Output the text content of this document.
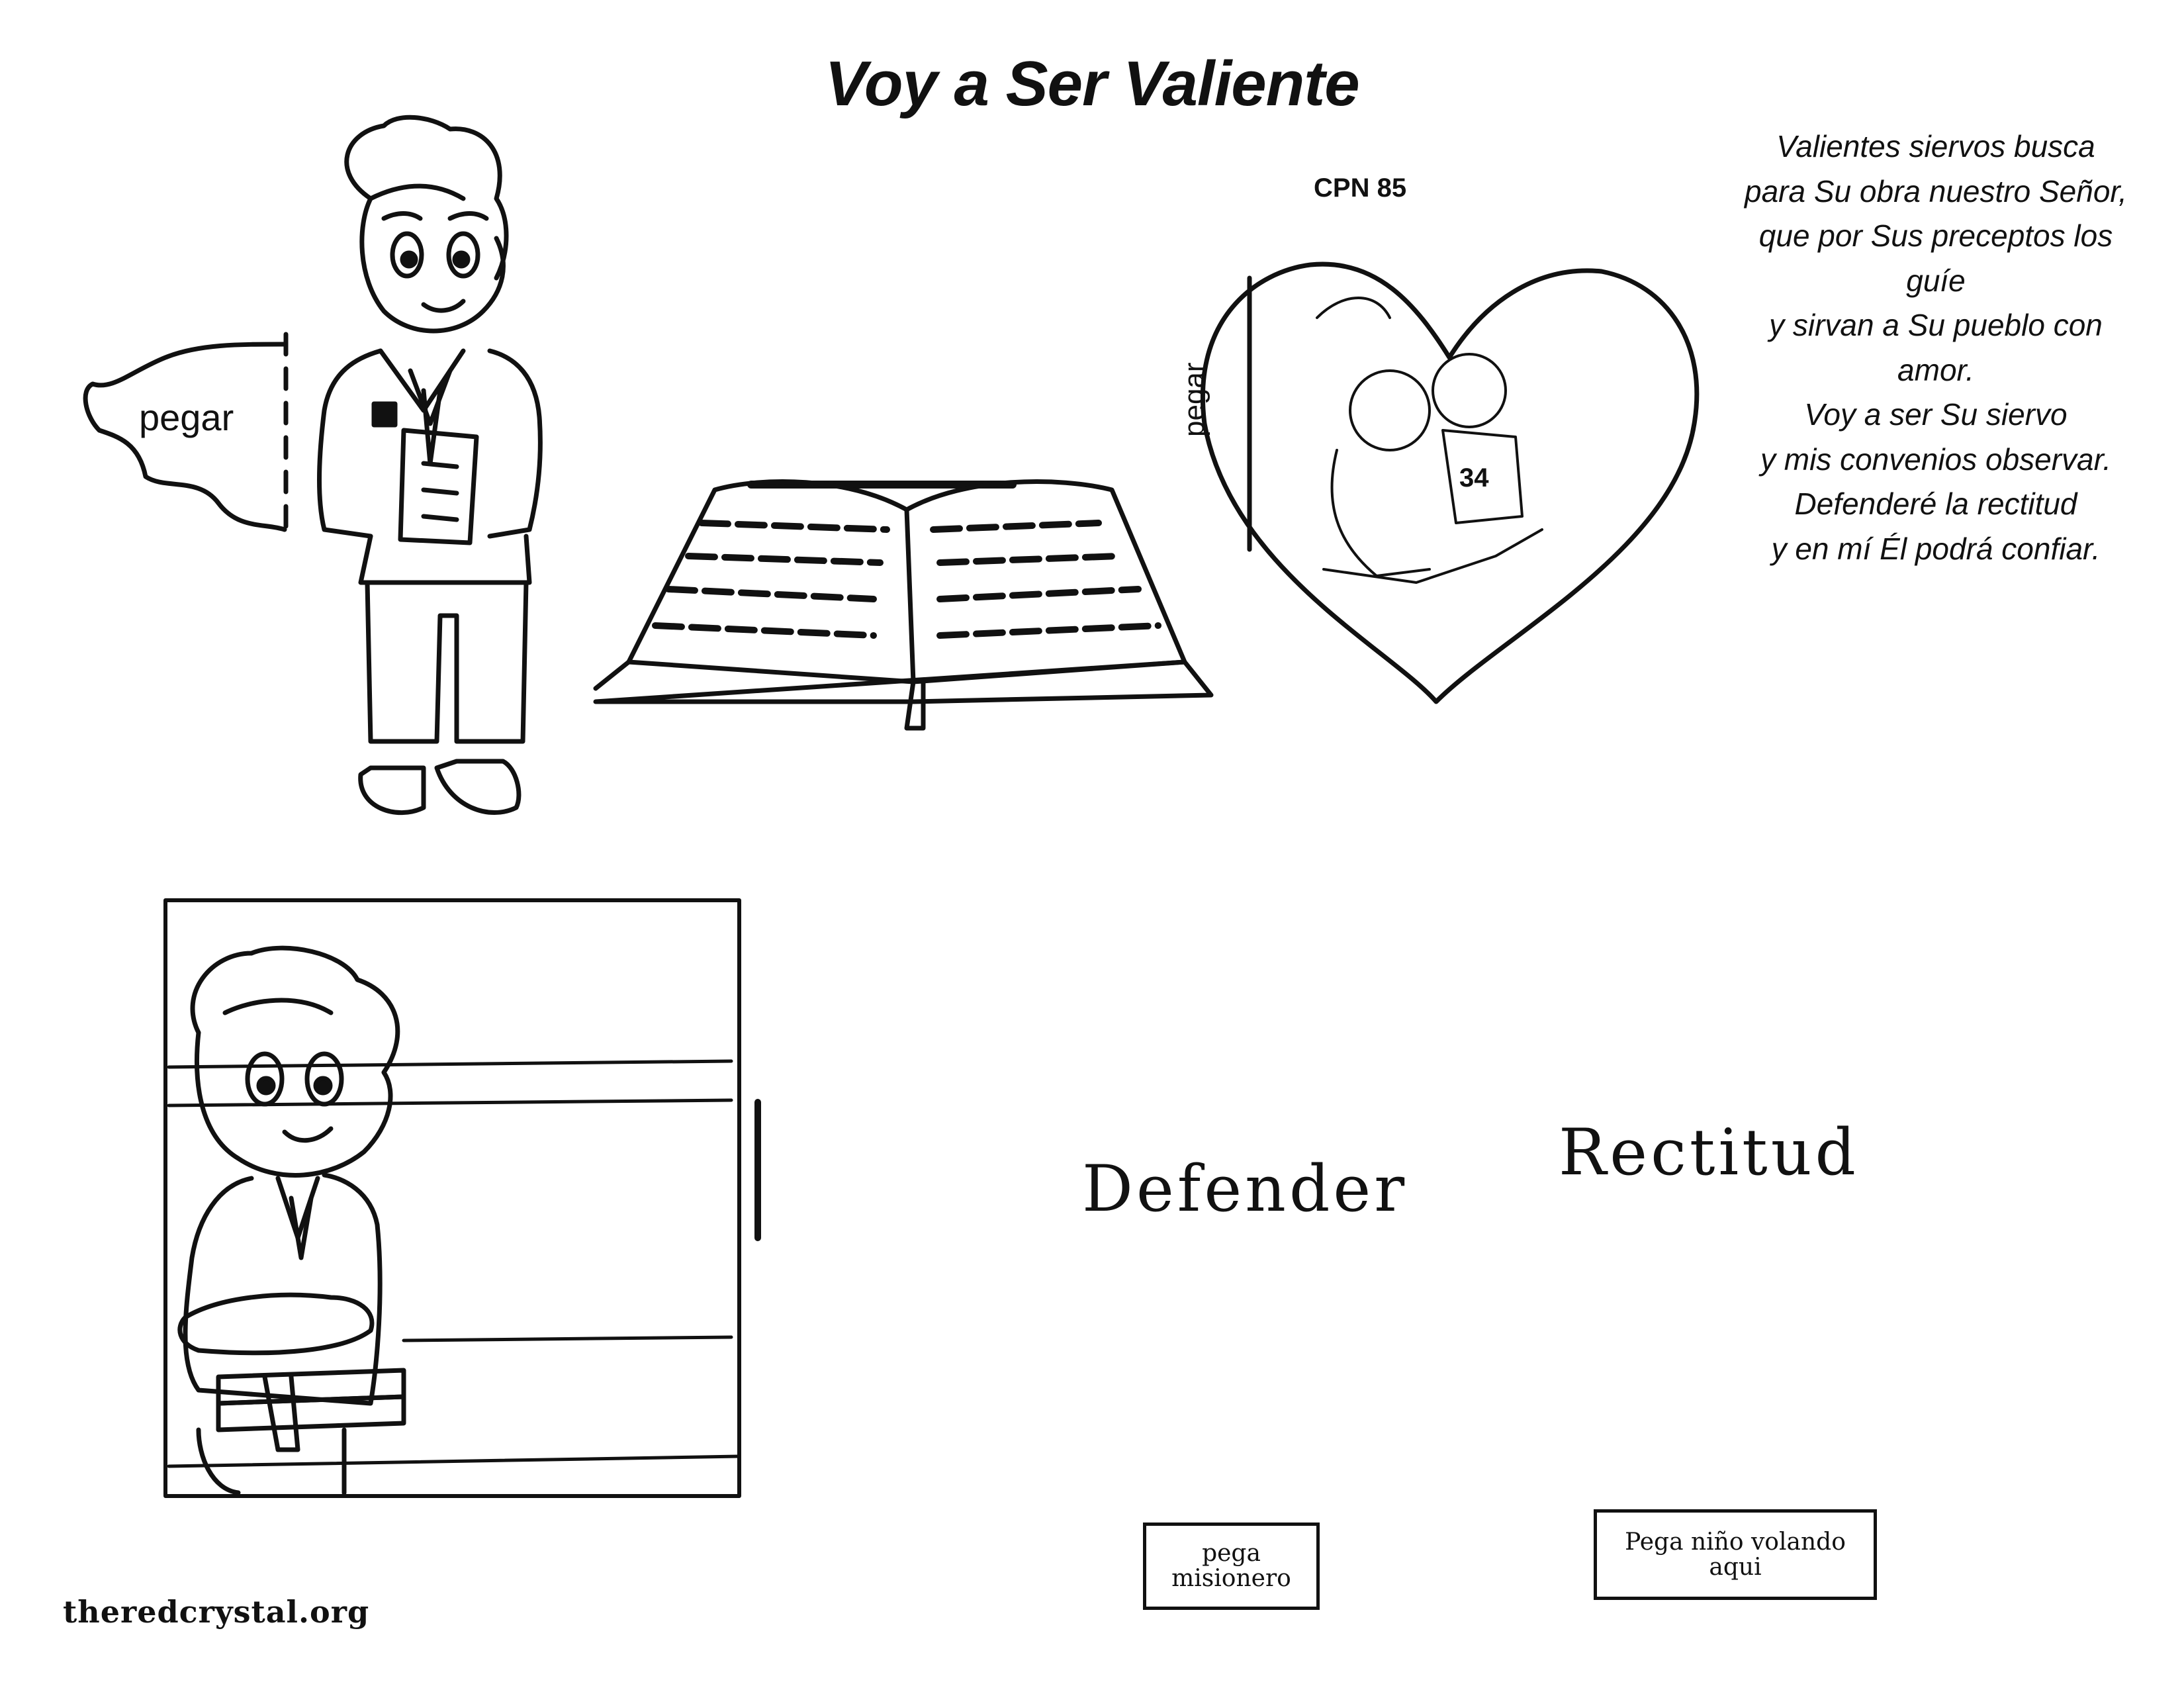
Voy a Ser Valiente
pegar	pegar
CPN 85
Valientes siervos busca
para Su obra nuestro Señor,
que por Sus preceptos los
guíe
y sirvan a Su pueblo con
amor.
Voy a ser Su siervo
y mis convenios observar.
Defenderé la rectitud
y en mí Él podrá confiar.
34
Defender Rectitud
pega
misionero
Pega niño volando
aqui
theredcrystal.org
